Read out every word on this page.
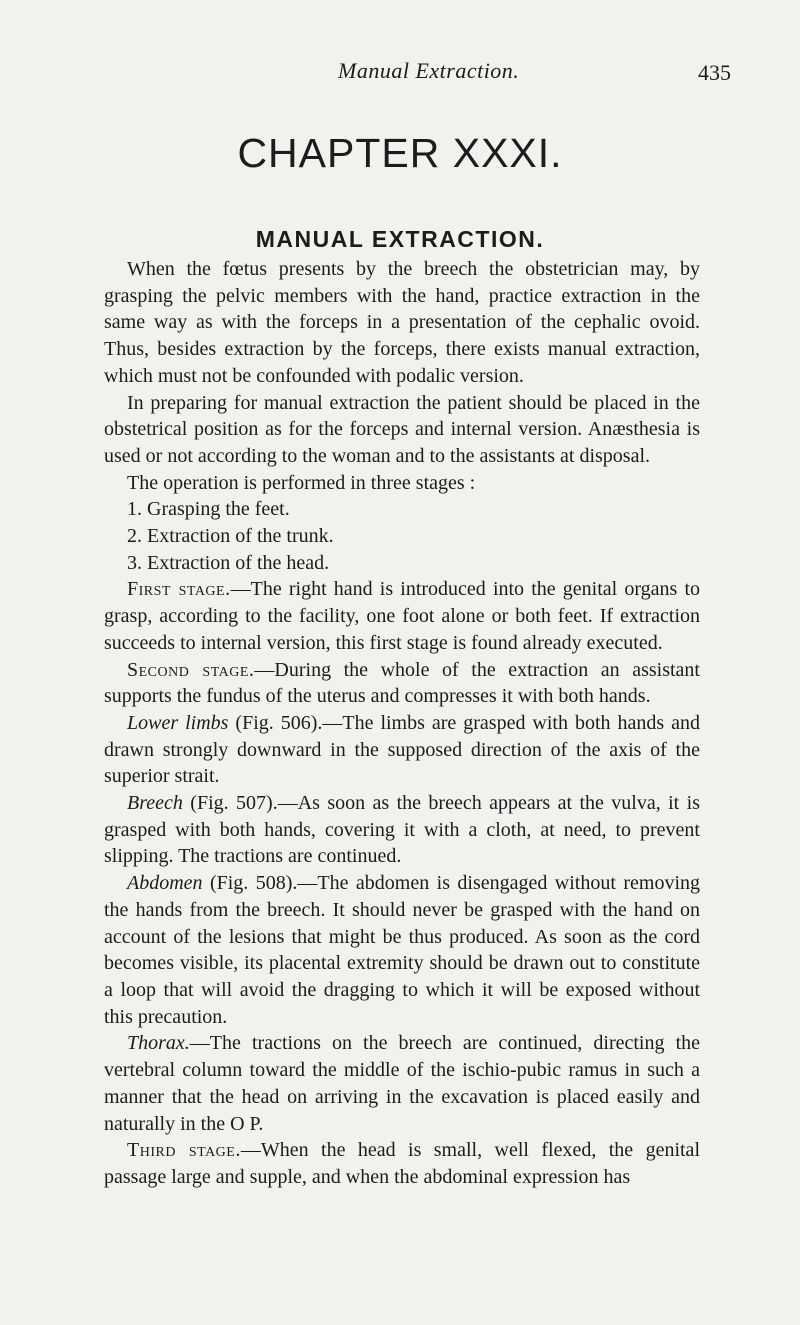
Manual Extraction.	435
CHAPTER XXXI.
MANUAL EXTRACTION.

When the fœtus presents by the breech the obstetrician may, by grasping the pelvic members with the hand, practice extraction in the same way as with the forceps in a presentation of the cephalic ovoid. Thus, besides extraction by the forceps, there exists manual extraction, which must not be confounded with podalic version.

In preparing for manual extraction the patient should be placed in the obstetrical position as for the forceps and internal version. Anæsthesia is used or not according to the woman and to the assistants at disposal.

The operation is performed in three stages :

1. Grasping the feet.

2. Extraction of the trunk.

3. Extraction of the head.

First stage.—The right hand is introduced into the genital organs to grasp, according to the facility, one foot alone or both feet. If extraction succeeds to internal version, this first stage is found already executed.

Second stage.—During the whole of the extraction an assistant supports the fundus of the uterus and compresses it with both hands.

Lower limbs (Fig. 506).—The limbs are grasped with both hands and drawn strongly downward in the supposed direction of the axis of the superior strait.

Breech (Fig. 507).—As soon as the breech appears at the vulva, it is grasped with both hands, covering it with a cloth, at need, to prevent slipping. The tractions are continued.

Abdomen (Fig. 508).—The abdomen is disengaged without removing the hands from the breech. It should never be grasped with the hand on account of the lesions that might be thus produced. As soon as the cord becomes visible, its placental extremity should be drawn out to constitute a loop that will avoid the dragging to which it will be exposed without this precaution.

Thorax.—The tractions on the breech are continued, directing the vertebral column toward the middle of the ischio-pubic ramus in such a manner that the head on arriving in the excavation is placed easily and naturally in the O P.

Third stage.—When the head is small, well flexed, the genital passage large and supple, and when the abdominal expression has
